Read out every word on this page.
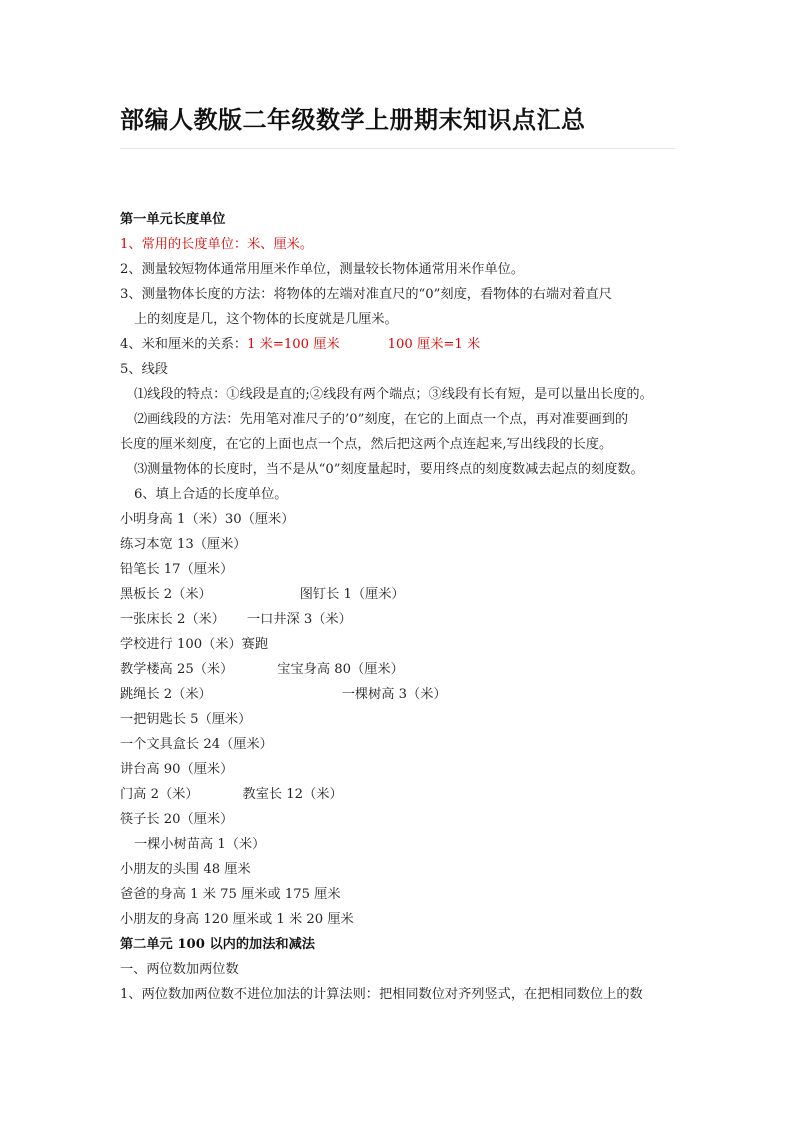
部编人教版二年级数学上册期末知识点汇总
第一单元长度单位
1、常用的长度单位：米、厘米。
2、测量较短物体通常用厘米作单位，测量较长物体通常用米作单位。
3、测量物体长度的方法：将物体的左端对准直尺的“0”刻度，看物体的右端对着直尺
上的刻度是几，这个物体的长度就是几厘米。
4、米和厘米的关系：1 米=100 厘米	100 厘米=1 米
5、线段
⑴线段的特点：①线段是直的;②线段有两个端点；③线段有长有短，是可以量出长度的。
⑵画线段的方法：先用笔对准尺子的’0”刻度，在它的上面点一个点，再对准要画到的
长度的厘米刻度，在它的上面也点一个点，然后把这两个点连起来,写出线段的长度。
⑶测量物体的长度时，当不是从“0”刻度量起时，要用终点的刻度数减去起点的刻度数。
6、填上合适的长度单位。
小明身高 1（米）30（厘米）
练习本宽 13（厘米）
铅笔长 17（厘米）
黑板长 2（米）	图钉长 1（厘米）
一张床长 2（米） 一口井深 3（米）
学校进行 100（米）赛跑
教学楼高 25（米）	宝宝身高 80（厘米）
跳绳长 2（米）	一棵树高 3（米）
一把钥匙长 5（厘米）
一个文具盒长 24（厘米）
讲台高 90（厘米）
门高 2（米）	教室长 12（米）
筷子长 20（厘米）
一棵小树苗高 1（米）
小朋友的头围 48 厘米
爸爸的身高 1 米 75 厘米或 175 厘米
小朋友的身高 120 厘米或 1 米 20 厘米
第二单元 100 以内的加法和减法
一、两位数加两位数
1、两位数加两位数不进位加法的计算法则：把相同数位对齐列竖式，在把相同数位上的数
